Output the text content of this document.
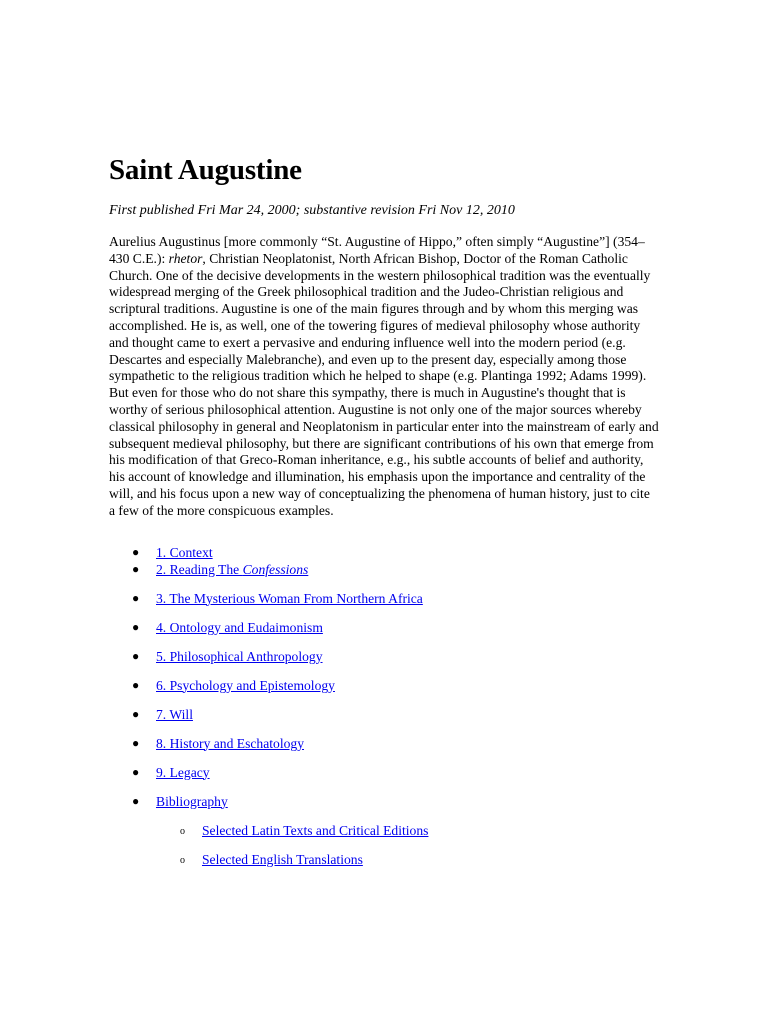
Saint Augustine

First published Fri Mar 24, 2000; substantive revision Fri Nov 12, 2010

Aurelius Augustinus [more commonly “St. Augustine of Hippo,” often simply “Augustine”] (354–430 C.E.): rhetor, Christian Neoplatonist, North African Bishop, Doctor of the Roman Catholic Church. One of the decisive developments in the western philosophical tradition was the eventually widespread merging of the Greek philosophical tradition and the Judeo-Christian religious and scriptural traditions. Augustine is one of the main figures through and by whom this merging was accomplished. He is, as well, one of the towering figures of medieval philosophy whose authority and thought came to exert a pervasive and enduring influence well into the modern period (e.g. Descartes and especially Malebranche), and even up to the present day, especially among those sympathetic to the religious tradition which he helped to shape (e.g. Plantinga 1992; Adams 1999). But even for those who do not share this sympathy, there is much in Augustine's thought that is worthy of serious philosophical attention. Augustine is not only one of the major sources whereby classical philosophy in general and Neoplatonism in particular enter into the mainstream of early and subsequent medieval philosophy, but there are significant contributions of his own that emerge from his modification of that Greco-Roman inheritance, e.g., his subtle accounts of belief and authority, his account of knowledge and illumination, his emphasis upon the importance and centrality of the will, and his focus upon a new way of conceptualizing the phenomena of human history, just to cite a few of the more conspicuous examples.

● 1. Context
● 2. Reading The Confessions
● 3. The Mysterious Woman From Northern Africa
● 4. Ontology and Eudaimonism
● 5. Philosophical Anthropology
● 6. Psychology and Epistemology
● 7. Will
● 8. History and Eschatology
● 9. Legacy
● Bibliography
o Selected Latin Texts and Critical Editions
o Selected English Translations
